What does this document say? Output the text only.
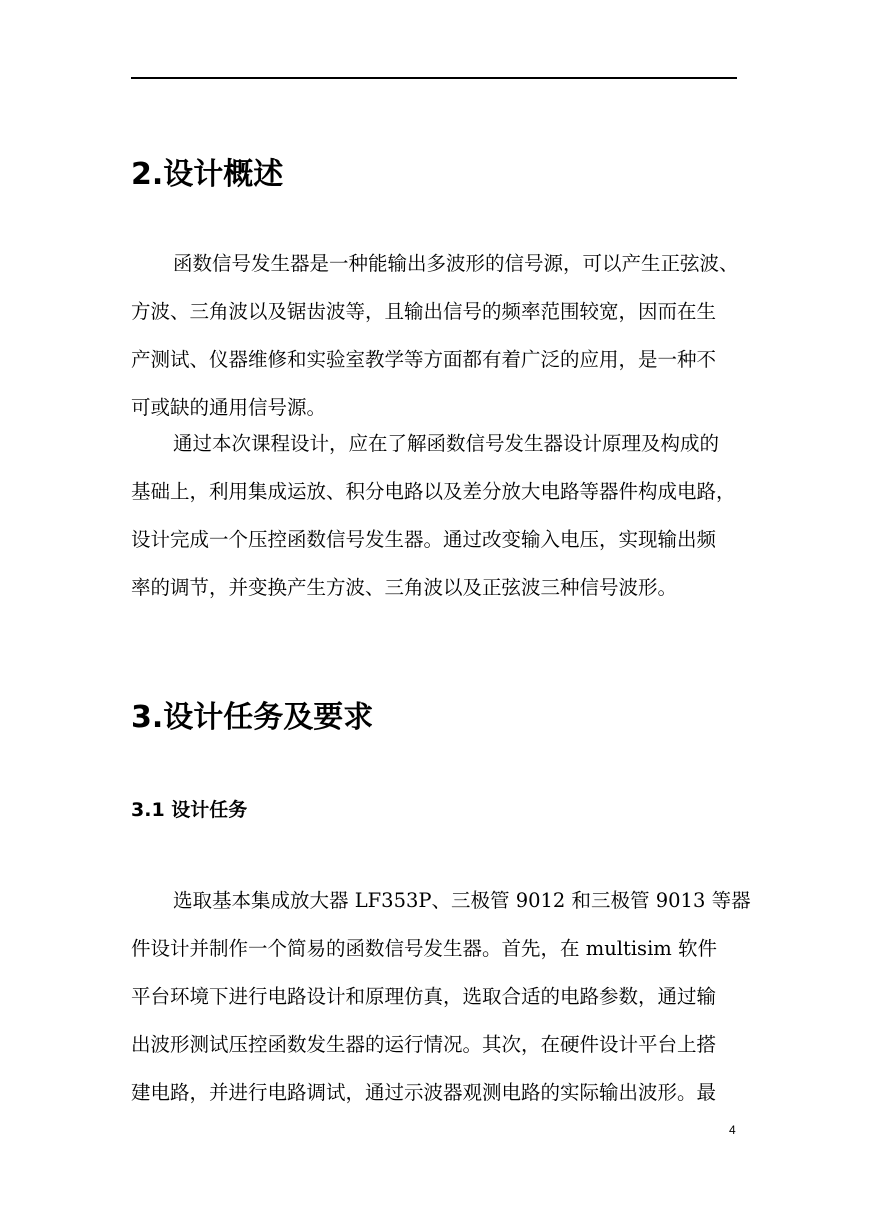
2.设计概述
函数信号发生器是一种能输出多波形的信号源，可以产生正弦波、
方波、三角波以及锯齿波等，且输出信号的频率范围较宽，因而在生
产测试、仪器维修和实验室教学等方面都有着广泛的应用，是一种不
可或缺的通用信号源。
通过本次课程设计，应在了解函数信号发生器设计原理及构成的
基础上，利用集成运放、积分电路以及差分放大电路等器件构成电路，
设计完成一个压控函数信号发生器。通过改变输入电压，实现输出频
率的调节，并变换产生方波、三角波以及正弦波三种信号波形。
3.设计任务及要求
3.1 设计任务
选取基本集成放大器 LF353P、三极管 9012 和三极管 9013 等器
件设计并制作一个简易的函数信号发生器。首先，在 multisim 软件
平台环境下进行电路设计和原理仿真，选取合适的电路参数，通过输
出波形测试压控函数发生器的运行情况。其次，在硬件设计平台上搭
建电路，并进行电路调试，通过示波器观测电路的实际输出波形。最
4
